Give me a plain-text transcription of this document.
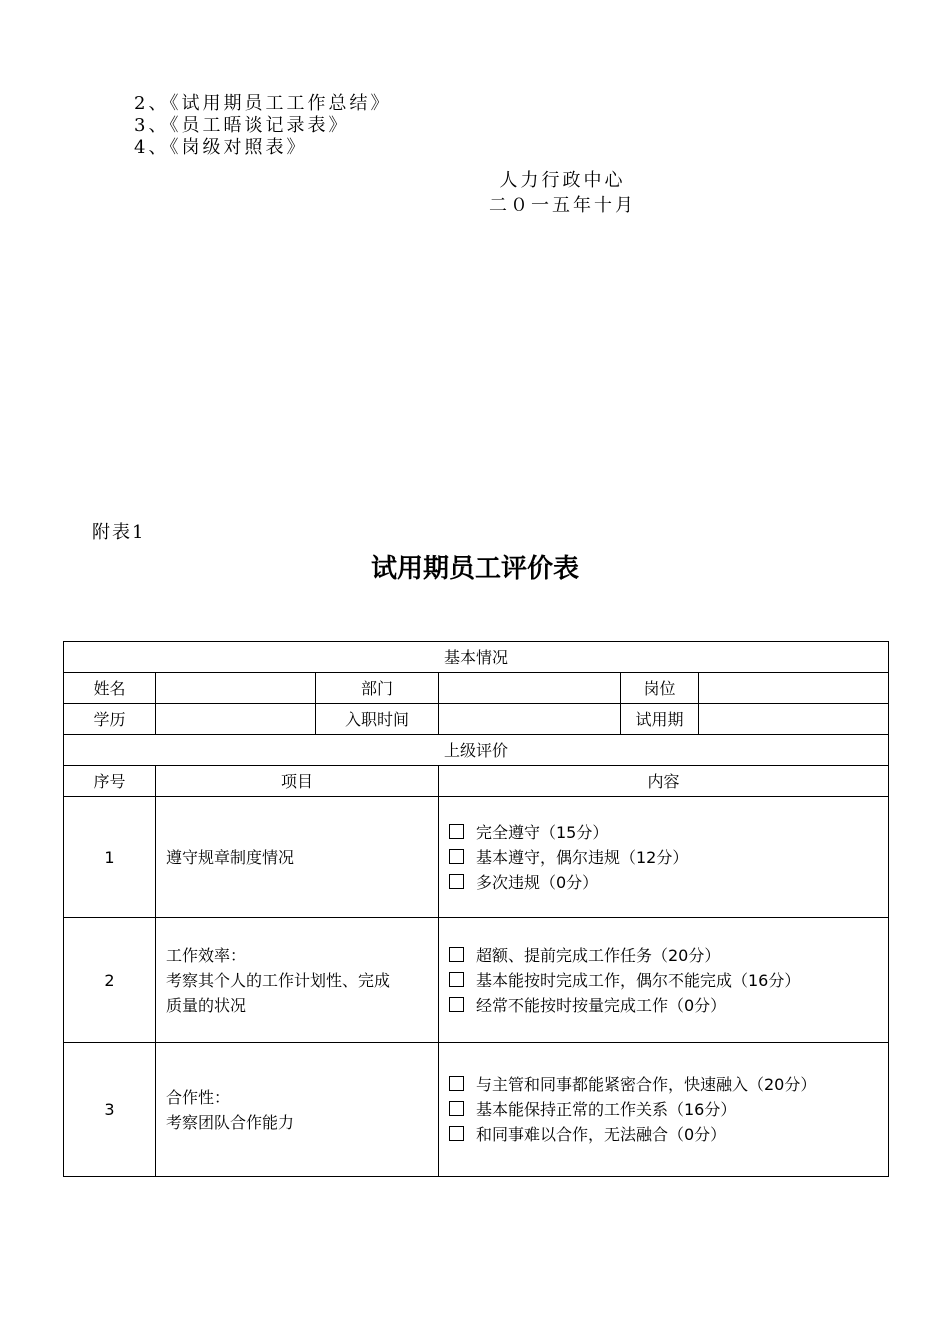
2、《试用期员工工作总结》
3、《员工晤谈记录表》
4、《岗级对照表》
人力行政中心
二０一五年十月
附表1
试用期员工评价表
基本情况					
姓名		部门		岗位	
学历		入职时间		试用期	
上级评价					
序号	项目		内容		
1	遵守规章制度情况		完全遵守（15分）
基本遵守，偶尔违规（12分）
多次违规（0分）		

2	工作效率：
考察其个人的工作计划性、完成
质量的状况		超额、提前完成工作任务（20分）
基本能按时完成工作，偶尔不能完成（16分）
经常不能按时按量完成工作（0分）		

3	合作性：
考察团队合作能力		与主管和同事都能紧密合作，快速融入（20分）
基本能保持正常的工作关系（16分）
和同事难以合作，无法融合（0分）		
